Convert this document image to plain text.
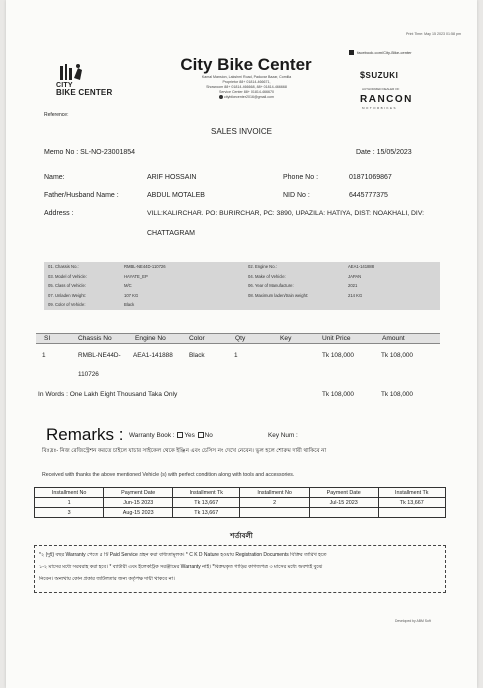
Print Time: May 15 2023 01:58 pm
CITY
BIKE CENTER
City Bike Center
Kamal Mansion, Lakshmi Road, Paduvar Bazar, Comilla
Proprietor 88+ 01814-466671,
Showroom 88+ 01814-466668, 88+ 01814-466668
Service Center 88+ 01814-466670
citybikecenter2016@gmail.com
facebook.com/City-Bike-center
$SUZUKI
AUTHORIZED DEALER OF
RANCON
MOTORBIKES
Reference:
SALES INVOICE
Memo No : SL-NO-23001854	Date : 15/05/2023
Name:	ARIF HOSSAIN	Phone No :	01871069867
Father/Husband Name :	ABDUL MOTALEB	NID No :	6445777375
Address :	VILL:KALIRCHAR. PO: BURIRCHAR, PC: 3890, UPAZILA: HATIYA, DIST: NOAKHALI, DIV:
CHATTAGRAM
01. Chassis No.:	RMBL-NE44D-110726	02. Engine No.:	AEA1-141888
03. Model of Vehicle:	HAYATE_EP	04. Make of Vehicle:	JAPAN
05. Class of Vehicle:	M/C	06. Year of Manufacture:	2021
07. Unladen Weight:	107 KG	08. Maximum laden/train weight:	214 KG
09. Color of Vehicle:	Black		
SI	Chassis No	Engine No	Color	Qty	Key	Unit Price	Amount
1	RMBL-NE44D-
110726
AEA1-141888	Black	1	Tk 108,000	Tk 108,000
In Words : One Lakh Eight Thousand Taka Only	Tk 108,000	Tk 108,000
Remarks : Warranty Book : Yes No	Key Num :
বিঃদ্রঃ- নিজ রেজিস্ট্রেশন করতে চাইলে যাচার সাইকেল থেকে ইঞ্জিন এবং চেসিস নং দেখে নেবেন। ভুল হলে শোরুম দায়ী থাকিবে না
Received with thanks the above mentioned Vehicle (s) with perfect condition along with tools and accessories.
Installment No	Payment Date	Installment Tk	Installment No	Payment Date	Installment Tk
1	Jun-15 2023	Tk 13,667	2	Jul-15 2023	Tk 13,667
3	Aug-15 2023	Tk 13,667			
শর্তাবলী
*২ (দুই) বছর Warranty পেতে ৫ টি Paid Service গ্রহন করা বাধ্যতামূলক। * C K D Nature হওয়ায় Registration Documents বিক্রির তারিখ হতে
১-২ মাসের মধ্যে সরবরাহ করা হবে। * ব্যাটারী এবং ইলেকট্রিক সরঞ্জামের Warranty নাই। *বিক্রয়কৃত গাড়ির কাগজপত্র ৩ মাসের মধ্যে অবশ্যই বুঝে
নিবেন। অন্যথায় কোন প্রকার জটিলতার জন্য কর্তৃপক্ষ দায়ী থাকবে না।
Developed by ABM Soft
